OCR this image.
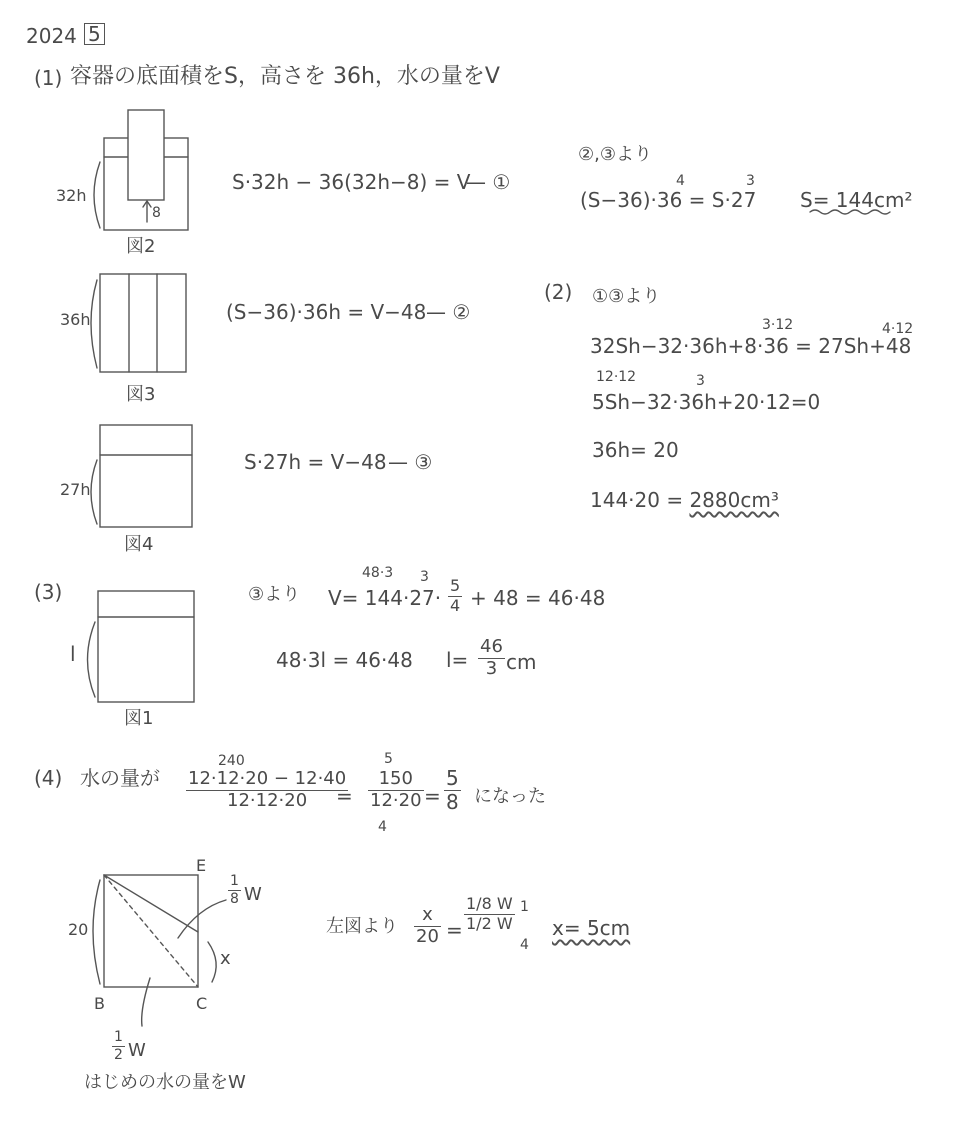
2024 5
(1) 容器の底面積をS，高さを 36h，水の量をV
32h
8
図2
36h
図3
27h
図4
S·32h − 36(32h−8) = V
— ①
(S−36)·36h = V−48 — ②
S·27h = V−48 — ③
②,③より
4	3
(S−36)·36 = S·27 S= 144cm²
(2) ①③より
3·12	4·12
32Sh−32·36h+8·36 = 27Sh+48
12·12	3
5Sh−32·36h+20·12=0
36h= 20
144·20 = 2880cm³
(3)
l
図1
③より
48·3 3
V= 144·27·
5
4 + 48 = 46·48
48·3l = 46·48 l=
46
3 cm
(4) 水の量が
240
12·12·20 − 12·40
12·12·20 =
5
150
12·20
4
=
5
8 になった
E
B	C
20
x
1
8 W
1
2 W
はじめの水の量をW
左図より
x
20 =
1/8 W
1/2 W
1
4
x= 5cm
